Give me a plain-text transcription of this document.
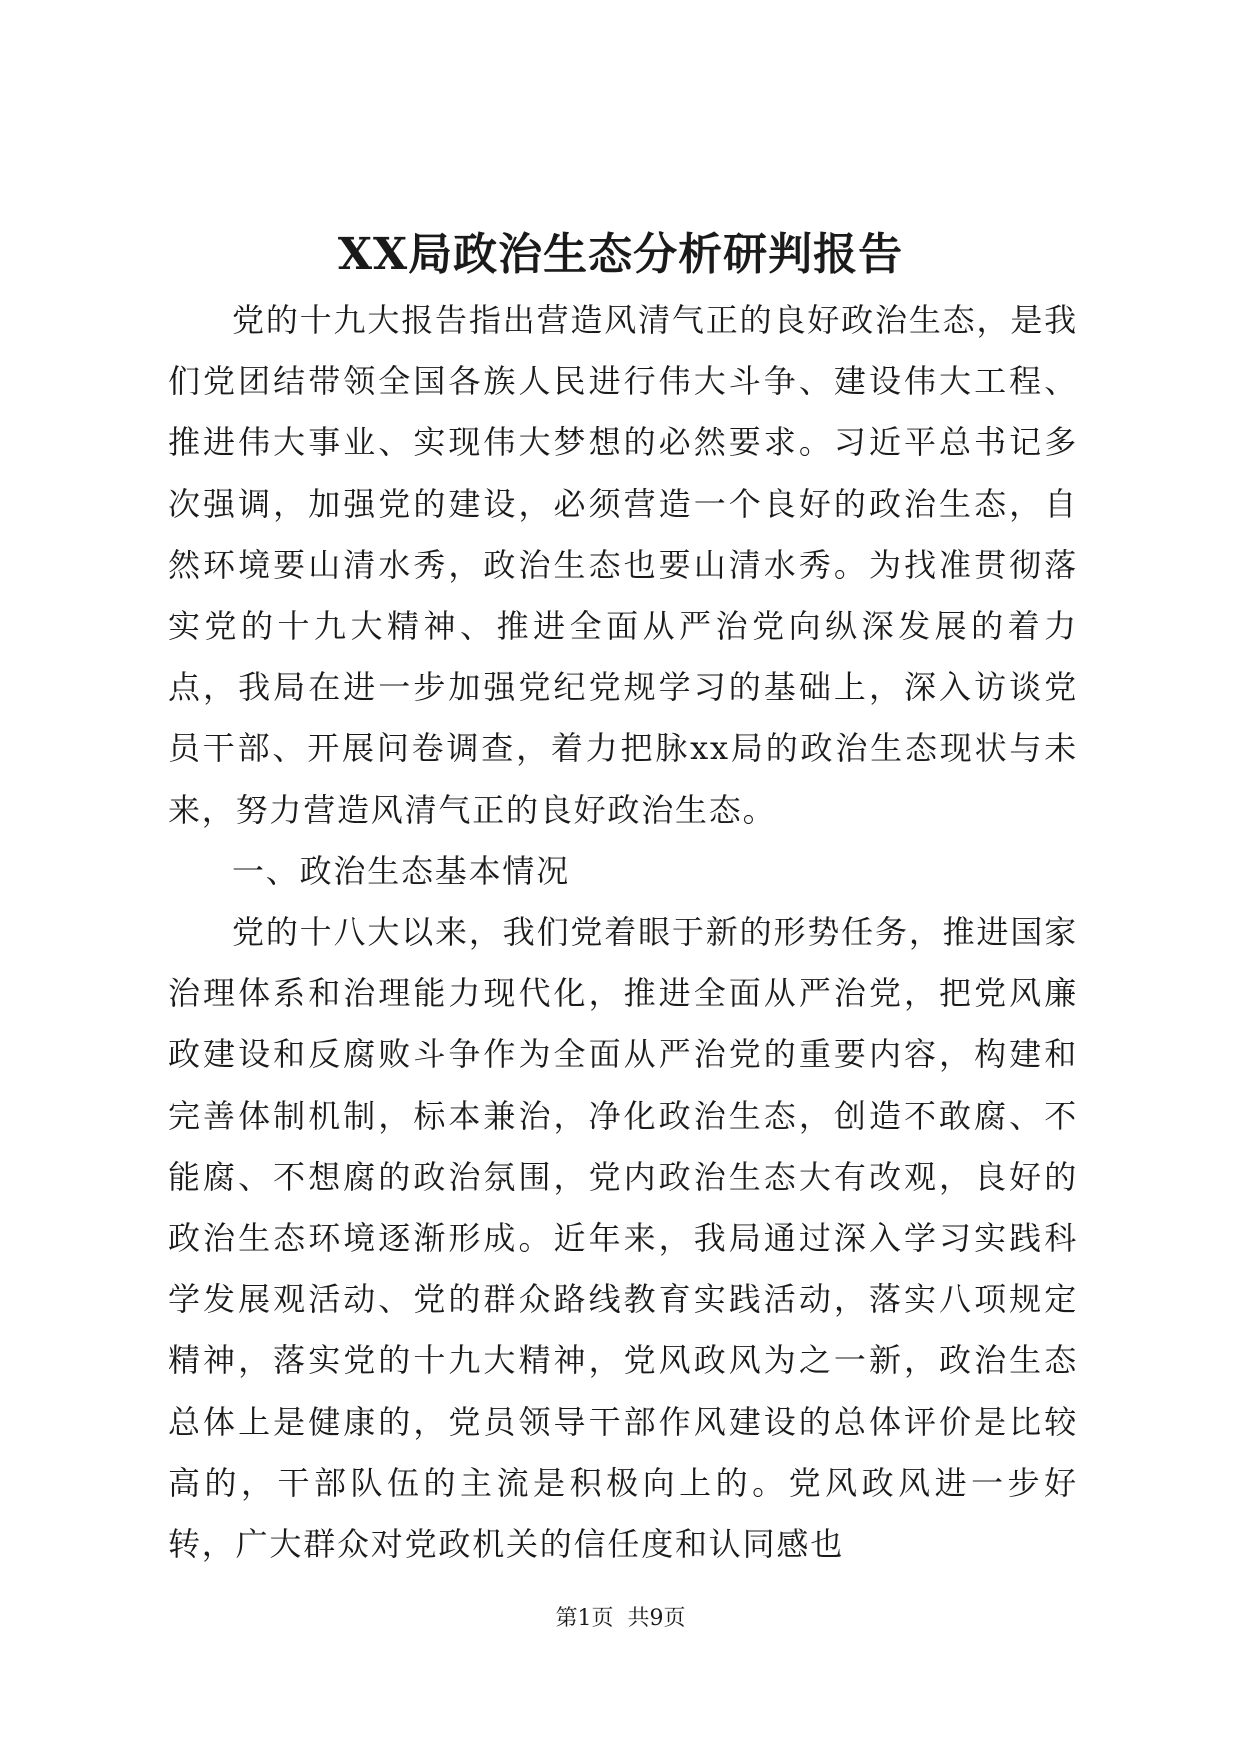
XX局政治生态分析研判报告

党的十九大报告指出营造风清气正的良好政治生态，是我们党团结带领全国各族人民进行伟大斗争、建设伟大工程、推进伟大事业、实现伟大梦想的必然要求。习近平总书记多次强调，加强党的建设，必须营造一个良好的政治生态，自然环境要山清水秀，政治生态也要山清水秀。为找准贯彻落实党的十九大精神、推进全面从严治党向纵深发展的着力点，我局在进一步加强党纪党规学习的基础上，深入访谈党员干部、开展问卷调查，着力把脉xx局的政治生态现状与未来，努力营造风清气正的良好政治生态。

一、政治生态基本情况

党的十八大以来，我们党着眼于新的形势任务，推进国家治理体系和治理能力现代化，推进全面从严治党，把党风廉政建设和反腐败斗争作为全面从严治党的重要内容，构建和完善体制机制，标本兼治，净化政治生态，创造不敢腐、不能腐、不想腐的政治氛围，党内政治生态大有改观，良好的政治生态环境逐渐形成。近年来，我局通过深入学习实践科学发展观活动、党的群众路线教育实践活动，落实八项规定精神，落实党的十九大精神，党风政风为之一新，政治生态总体上是健康的，党员领导干部作风建设的总体评价是比较高的，干部队伍的主流是积极向上的。党风政风进一步好转，广大群众对党政机关的信任度和认同感也

第1页 共9页
